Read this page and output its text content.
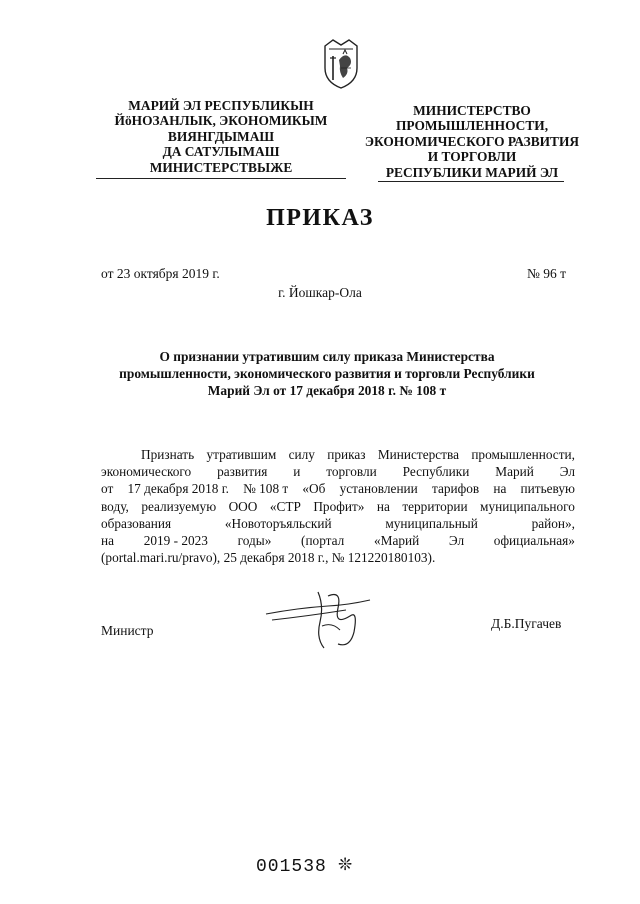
МАРИЙ ЭЛ РЕСПУБЛИКЫН
ЙӧНОЗАНЛЫК, ЭКОНОМИКЫМ
ВИЯНГДЫМАШ
ДА САТУЛЫМАШ
МИНИСТЕРСТВЫЖЕ
МИНИСТЕРСТВО
ПРОМЫШЛЕННОСТИ,
ЭКОНОМИЧЕСКОГО РАЗВИТИЯ
И ТОРГОВЛИ
РЕСПУБЛИКИ МАРИЙ ЭЛ
ПРИКАЗ
от 23 октября 2019 г.	№ 96 т
г. Йошкар-Ола
О признании утратившим силу приказа Министерства
промышленности, экономического развития и торговли Республики
Марий Эл от 17 декабря 2018 г. № 108 т
Признать утратившим силу приказ Министерства промышленности,
экономического развития и торговли Республики Марий Эл
от 17 декабря 2018 г. № 108 т «Об установлении тарифов на питьевую
воду, реализуемую ООО «СТР Профит» на территории муниципального
образования	«Новоторъяльский	муниципальный	район»,
на 2019 - 2023 годы» (портал «Марий Эл официальная»
(portal.mari.ru/pravo), 25 декабря 2018 г., № 121220180103).
Министр	Д.Б.Пугачев
001538 ❊
